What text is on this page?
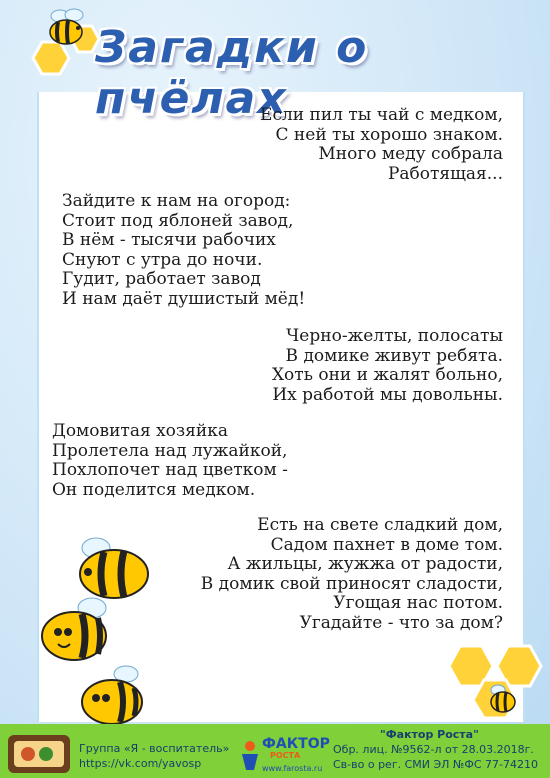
Загадки о пчёлах
Если пил ты чай с медком,
С ней ты хорошо знаком.
Много меду собрала
Работящая...
Зайдите к нам на огород:
Стоит под яблоней завод,
В нём - тысячи рабочих
Снуют с утра до ночи.
Гудит, работает завод
И нам даёт душистый мёд!
Черно-желты, полосаты
В домике живут ребята.
Хоть они и жалят больно,
Их работой мы довольны.
Домовитая хозяйка
Пролетела над лужайкой,
Похлопочет над цветком -
Он поделится медком.
Есть на свете сладкий дом,
Садом пахнет в доме том.
А жильцы, жужжа от радости,
В домик свой приносят сладости,
Угощая нас потом.
Угадайте - что за дом?
Группа «Я - воспитатель»
https://vk.com/yavosp
ФАКТОР
РОСТА
www.farosta.ru
"Фактор Роста"
Обр. лиц. №9562-л от 28.03.2018г.
Св-во о рег. СМИ ЭЛ №ФС 77-74210
